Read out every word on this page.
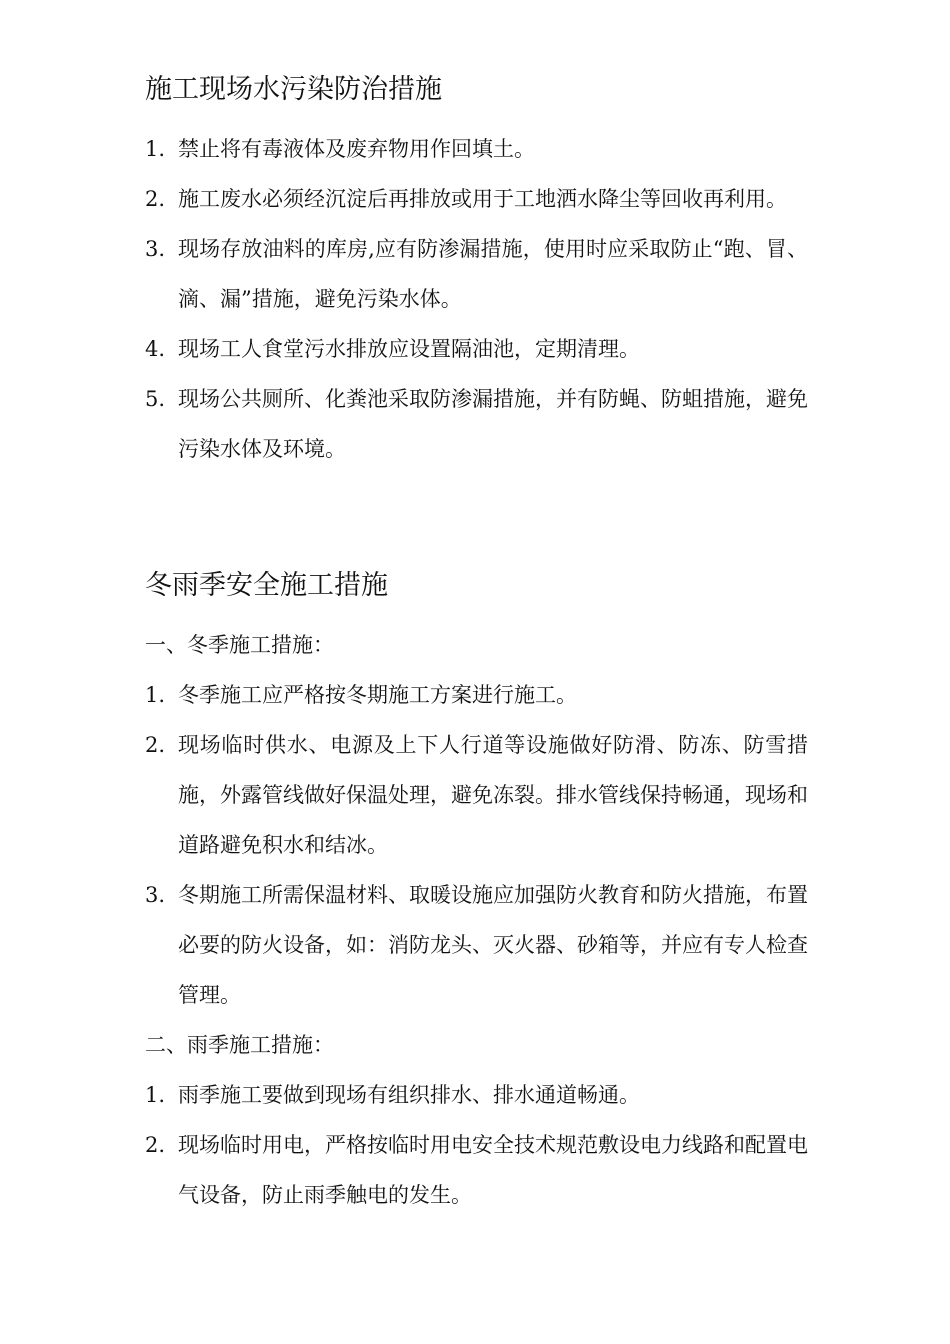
施工现场水污染防治措施
1. 禁止将有毒液体及废弃物用作回填土。
2. 施工废水必须经沉淀后再排放或用于工地洒水降尘等回收再利用。
3. 现场存放油料的库房,应有防渗漏措施，使用时应采取防止“跑、冒、滴、漏”措施，避免污染水体。
4. 现场工人食堂污水排放应设置隔油池，定期清理。
5. 现场公共厕所、化粪池采取防渗漏措施，并有防蝇、防蛆措施，避免污染水体及环境。
冬雨季安全施工措施
一、冬季施工措施：
1. 冬季施工应严格按冬期施工方案进行施工。
2. 现场临时供水、电源及上下人行道等设施做好防滑、防冻、防雪措施，外露管线做好保温处理，避免冻裂。排水管线保持畅通，现场和道路避免积水和结冰。
3. 冬期施工所需保温材料、取暖设施应加强防火教育和防火措施，布置必要的防火设备，如：消防龙头、灭火器、砂箱等，并应有专人检查管理。
二、雨季施工措施：
1. 雨季施工要做到现场有组织排水、排水通道畅通。
2. 现场临时用电，严格按临时用电安全技术规范敷设电力线路和配置电气设备，防止雨季触电的发生。
